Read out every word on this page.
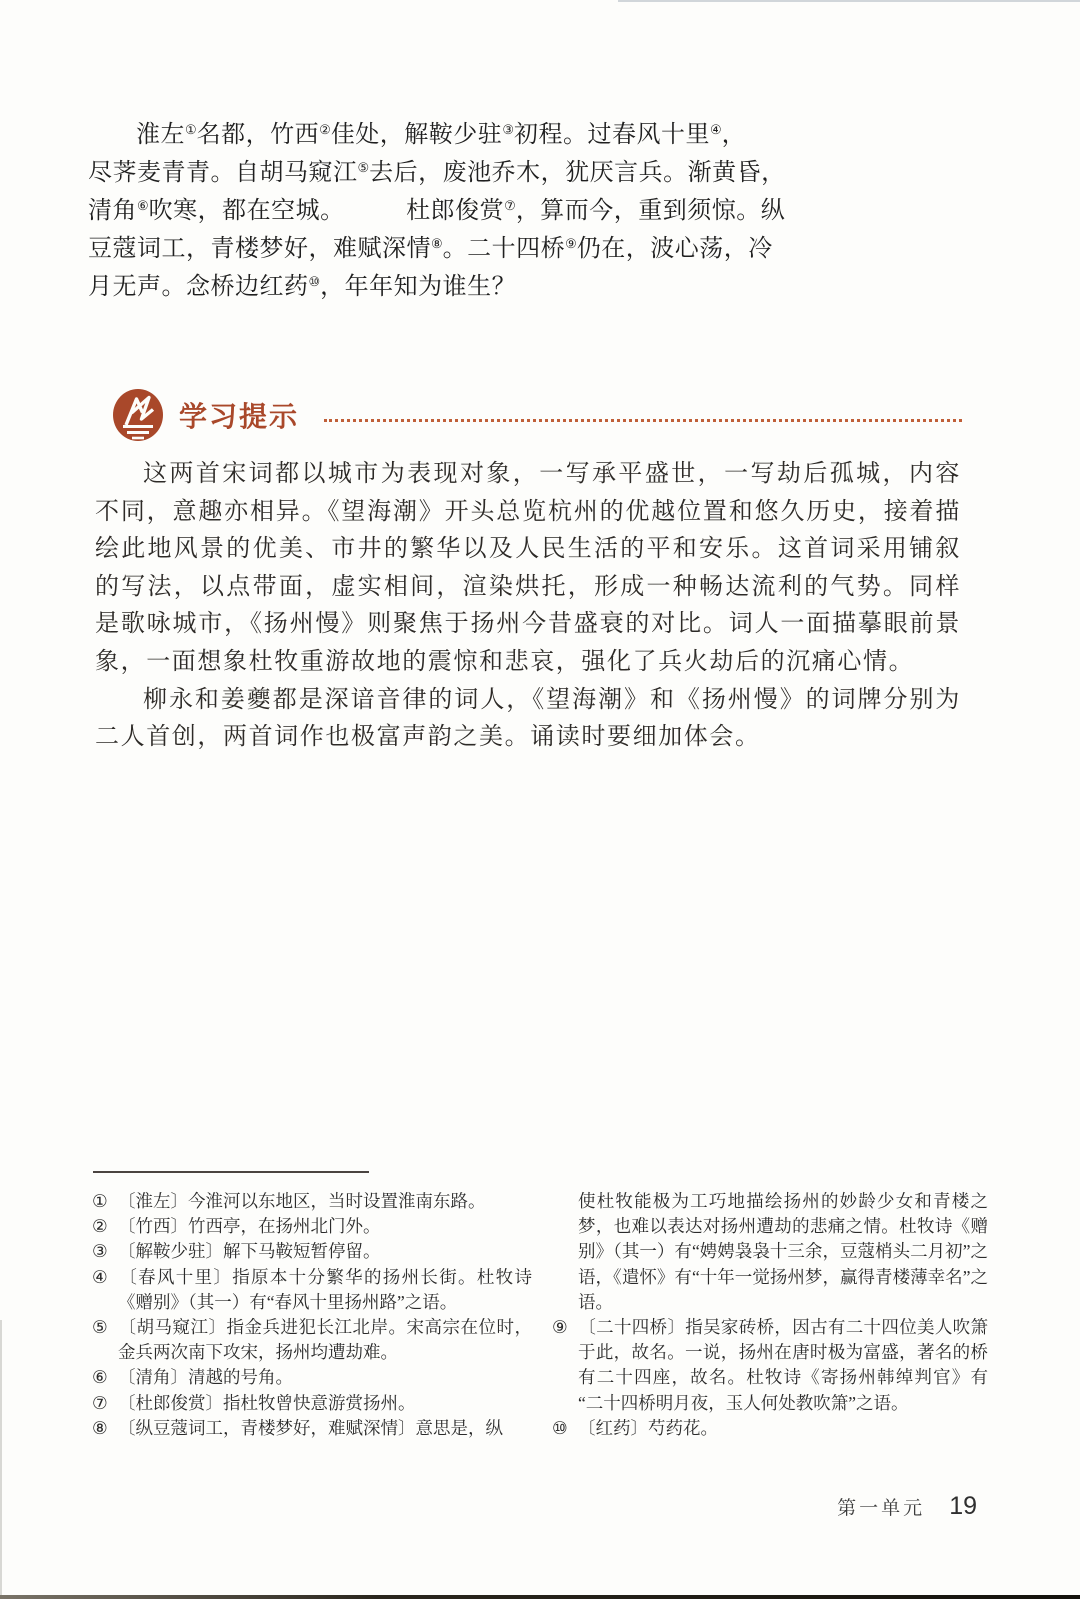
淮左①名都，竹西②佳处，解鞍少驻③初程。过春风十里④，

尽荠麦青青。自胡马窥江⑤去后，废池乔木，犹厌言兵。渐黄昏，

清角⑥吹寒，都在空城。　　　杜郎俊赏⑦，算而今，重到须惊。纵

豆蔻词工，青楼梦好，难赋深情⑧。二十四桥⑨仍在，波心荡，冷

月无声。念桥边红药⑩，年年知为谁生？

学习提示

这两首宋词都以城市为表现对象，一写承平盛世，一写劫后孤城，内容不同，意趣亦相异。《望海潮》开头总览杭州的优越位置和悠久历史，接着描绘此地风景的优美、市井的繁华以及人民生活的平和安乐。这首词采用铺叙的写法，以点带面，虚实相间，渲染烘托，形成一种畅达流利的气势。同样是歌咏城市，《扬州慢》则聚焦于扬州今昔盛衰的对比。词人一面描摹眼前景象，一面想象杜牧重游故地的震惊和悲哀，强化了兵火劫后的沉痛心情。

柳永和姜夔都是深谙音律的词人，《望海潮》和《扬州慢》的词牌分别为二人首创，两首词作也极富声韵之美。诵读时要细加体会。

① 〔淮左〕今淮河以东地区，当时设置淮南东路。

② 〔竹西〕竹西亭，在扬州北门外。

③ 〔解鞍少驻〕解下马鞍短暂停留。

④ 〔春风十里〕指原本十分繁华的扬州长街。杜牧诗《赠别》（其一）有“春风十里扬州路”之语。

⑤ 〔胡马窥江〕指金兵进犯长江北岸。宋高宗在位时，金兵两次南下攻宋，扬州均遭劫难。

⑥ 〔清角〕清越的号角。

⑦ 〔杜郎俊赏〕指杜牧曾快意游赏扬州。

⑧ 〔纵豆蔻词工，青楼梦好，难赋深情〕意思是，纵

使杜牧能极为工巧地描绘扬州的妙龄少女和青楼之梦，也难以表达对扬州遭劫的悲痛之情。杜牧诗《赠别》（其一）有“娉娉袅袅十三余，豆蔻梢头二月初”之语，《遣怀》有“十年一觉扬州梦，赢得青楼薄幸名”之语。

⑨ 〔二十四桥〕指吴家砖桥，因古有二十四位美人吹箫于此，故名。一说，扬州在唐时极为富盛，著名的桥有二十四座，故名。杜牧诗《寄扬州韩绰判官》有“二十四桥明月夜，玉人何处教吹箫”之语。

⑩ 〔红药〕芍药花。

第一单元 19
